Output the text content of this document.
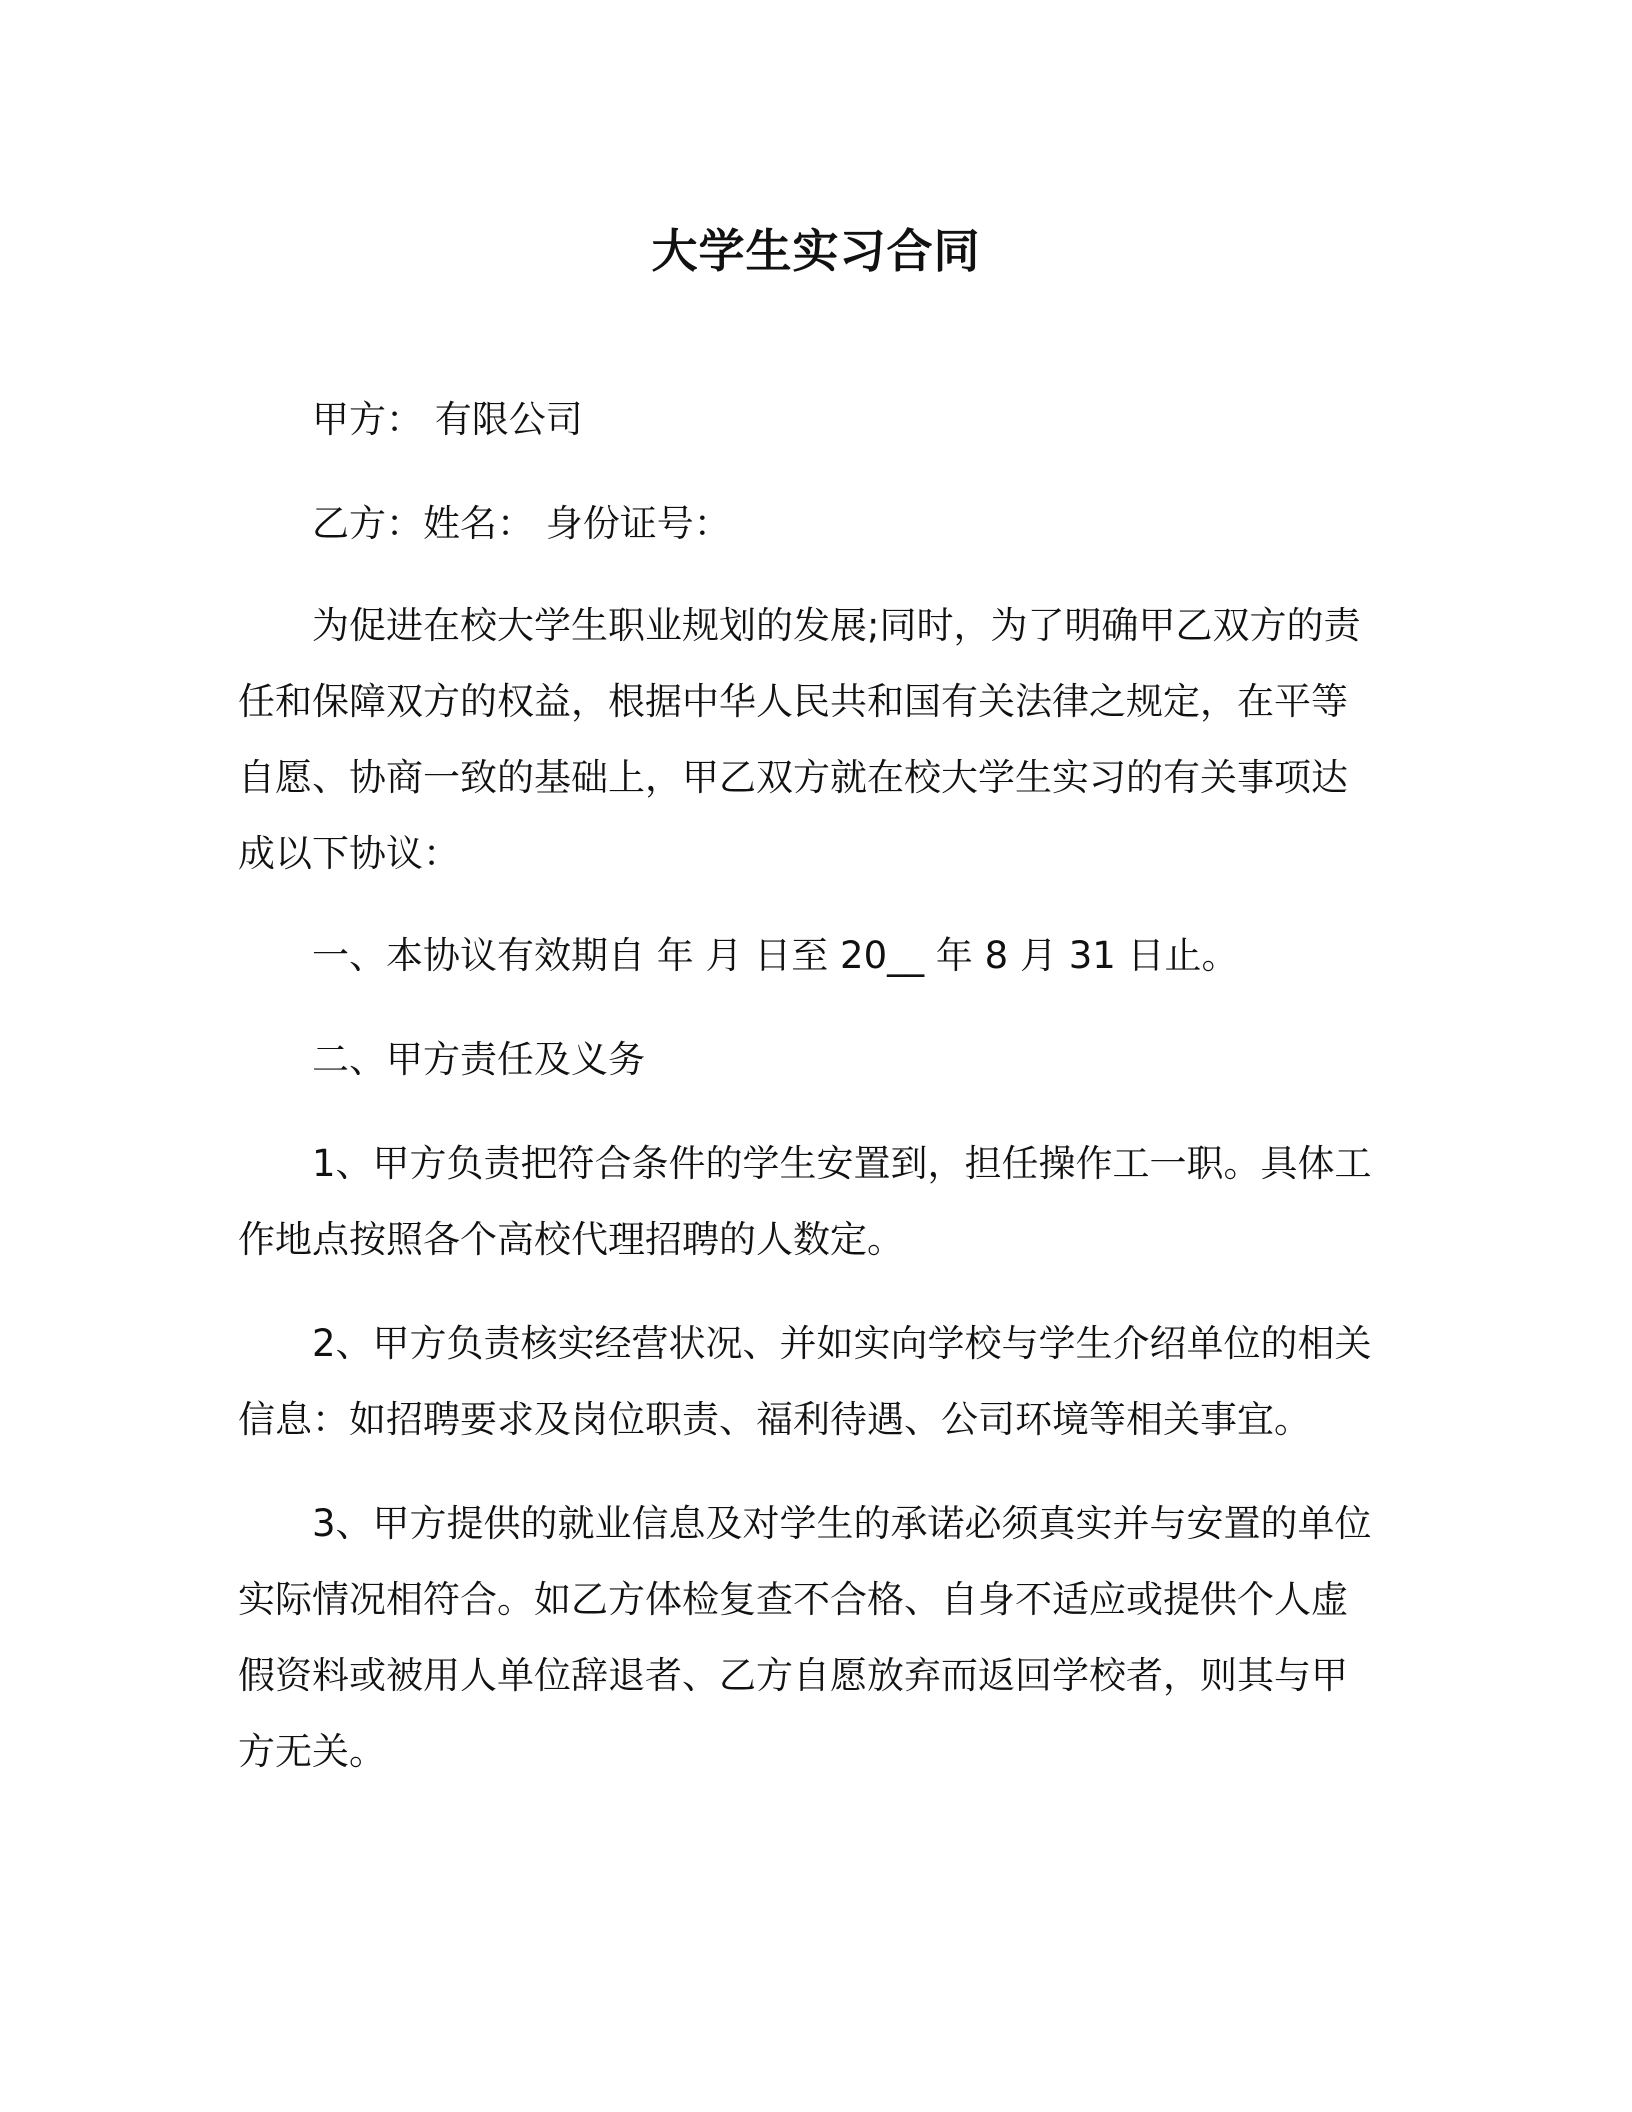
大学生实习合同
甲方： 有限公司
乙方：姓名： 身份证号：
为促进在校大学生职业规划的发展;同时，为了明确甲乙双方的责
任和保障双方的权益，根据中华人民共和国有关法律之规定，在平等
自愿、协商一致的基础上，甲乙双方就在校大学生实习的有关事项达
成以下协议：
一、本协议有效期自 年 月 日至 20__ 年 8 月 31 日止。
二、甲方责任及义务
1、甲方负责把符合条件的学生安置到，担任操作工一职。具体工
作地点按照各个高校代理招聘的人数定。
2、甲方负责核实经营状况、并如实向学校与学生介绍单位的相关
信息：如招聘要求及岗位职责、福利待遇、公司环境等相关事宜。
3、甲方提供的就业信息及对学生的承诺必须真实并与安置的单位
实际情况相符合。如乙方体检复查不合格、自身不适应或提供个人虚
假资料或被用人单位辞退者、乙方自愿放弃而返回学校者，则其与甲
方无关。
